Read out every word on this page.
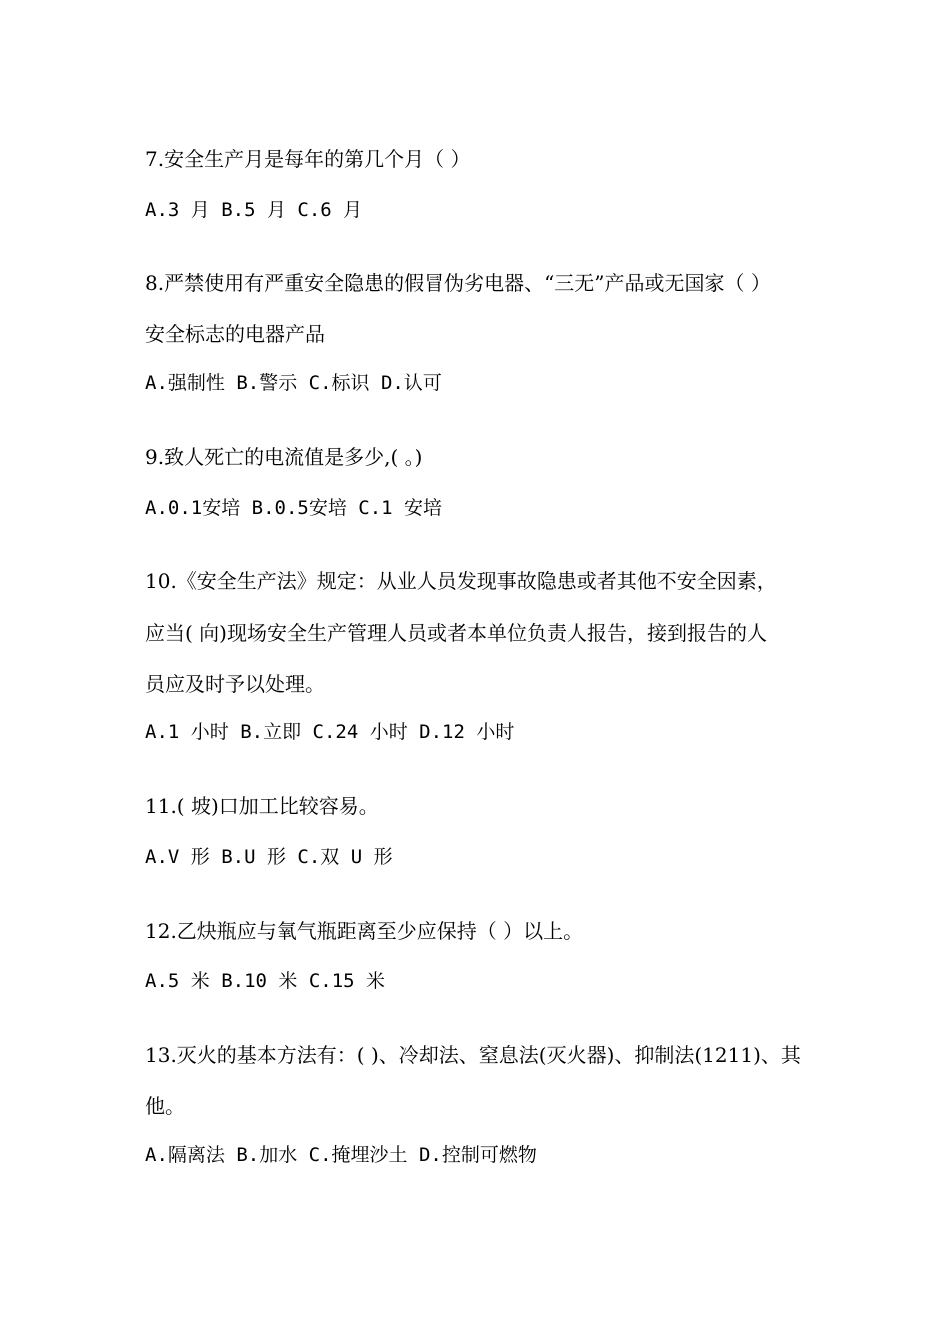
7.安全生产月是每年的第几个月（ ）
A.3 月 B.5 月 C.6 月
8.严禁使用有严重安全隐患的假冒伪劣电器、“三无”产品或无国家（ ）
安全标志的电器产品
A.强制性 B.警示 C.标识 D.认可
9.致人死亡的电流值是多少,( 。)
A.0.1安培 B.0.5安培 C.1 安培
10.《安全生产法》规定：从业人员发现事故隐患或者其他不安全因素，
应当( 向)现场安全生产管理人员或者本单位负责人报告，接到报告的人
员应及时予以处理。
A.1 小时 B.立即 C.24 小时 D.12 小时
11.( 坡)口加工比较容易。
A.V 形 B.U 形 C.双 U 形
12.乙炔瓶应与氧气瓶距离至少应保持（ ）以上。
A.5 米 B.10 米 C.15 米
13.灭火的基本方法有：( )、冷却法、窒息法(灭火器)、抑制法(1211)、其
他。
A.隔离法 B.加水 C.掩埋沙土 D.控制可燃物
